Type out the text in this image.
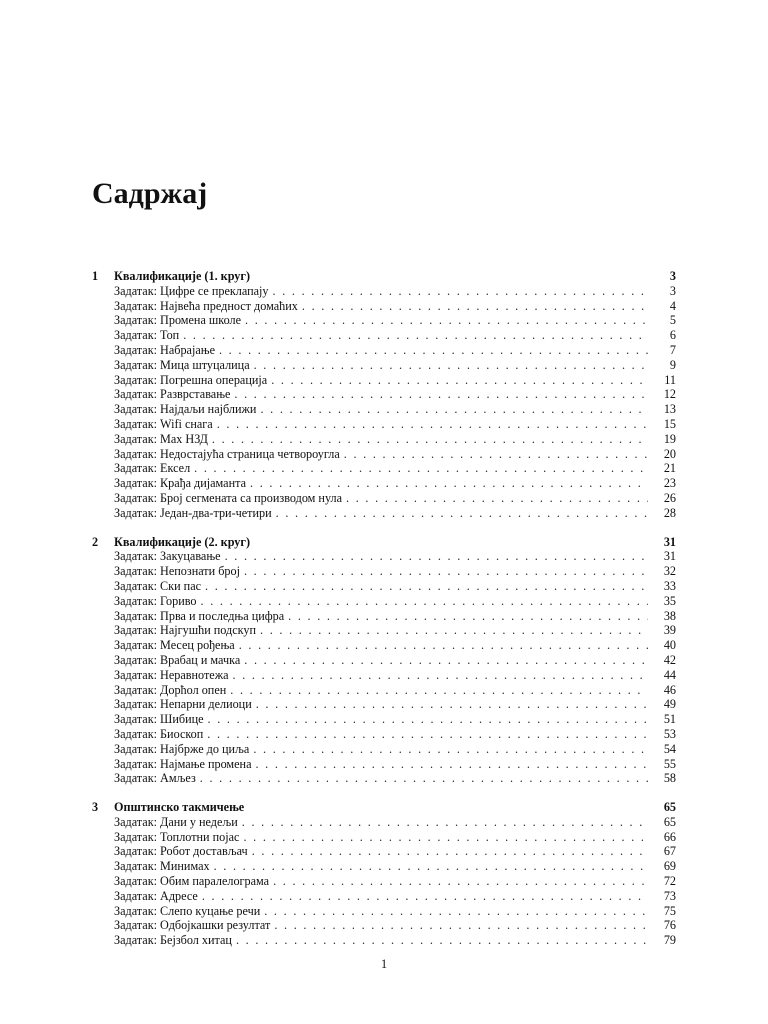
Садржај
1	Квалификације (1. круг)	3
Задатак: Цифре се преклапају . . .	3
Задатак: Највећа предност домаћих . . .	4
Задатак: Промена школе . . .	5
Задатак: Топ . . .	6
Задатак: Набрајање . . .	7
Задатак: Мица штуцалица . . .	9
Задатак: Погрешна операција . . .	11
Задатак: Разврставање . . .	12
Задатак: Најдаљи најближи . . .	13
Задатак: Wifi снага . . .	15
Задатак: Мах НЗД . . .	19
Задатак: Недостајућа страница четвороугла . . .	20
Задатак: Ексел . . .	21
Задатак: Крађа дијаманта . . .	23
Задатак: Број сегмената са производом нула . . .	26
Задатак: Један-два-три-четири . . .	28
2	Квалификације (2. круг)	31
Задатак: Закуцавање . . .	31
Задатак: Непознати број . . .	32
Задатак: Ски пас . . .	33
Задатак: Гориво . . .	35
Задатак: Прва и последња цифра . . .	38
Задатак: Најгушћи подскуп . . .	39
Задатак: Месец рођења . . .	40
Задатак: Врабац и мачка . . .	42
Задатак: Неравнотежа . . .	44
Задатак: Дорћол опен . . .	46
Задатак: Непарни делиоци . . .	49
Задатак: Шибице . . .	51
Задатак: Биоскоп . . .	53
Задатак: Најбрже до циља . . .	54
Задатак: Најмање промена . . .	55
Задатак: Амљез . . .	58
3	Општинско такмичење	65
Задатак: Дани у недељи . . .	65
Задатак: Топлотни појас . . .	66
Задатак: Робот достављач . . .	67
Задатак: Минимах . . .	69
Задатак: Обим паралелограма . . .	72
Задатак: Адресе . . .	73
Задатак: Слепо куцање речи . . .	75
Задатак: Одбојкашки резултат . . .	76
Задатак: Бејзбол хитац . . .	79
1
